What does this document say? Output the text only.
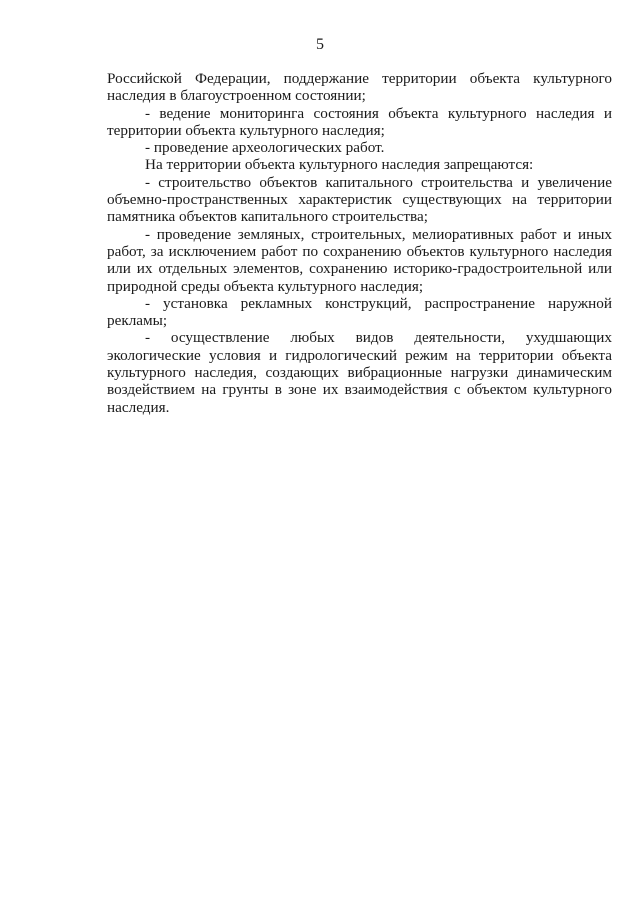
5

Российской Федерации, поддержание территории объекта культурного наследия в благоустроенном состоянии;

- ведение мониторинга состояния объекта культурного наследия и территории объекта культурного наследия;

- проведение археологических работ.

На территории объекта культурного наследия запрещаются:

- строительство объектов капитального строительства и увеличение объемно-пространственных характеристик существующих на территории памятника объектов капитального строительства;

- проведение земляных, строительных, мелиоративных работ и иных работ, за исключением работ по сохранению объектов культурного наследия или их отдельных элементов, сохранению историко-градостроительной или природной среды объекта культурного наследия;

- установка рекламных конструкций, распространение наружной рекламы;

- осуществление любых видов деятельности, ухудшающих экологические условия и гидрологический режим на территории объекта культурного наследия, создающих вибрационные нагрузки динамическим воздействием на грунты в зоне их взаимодействия с объектом культурного наследия.
